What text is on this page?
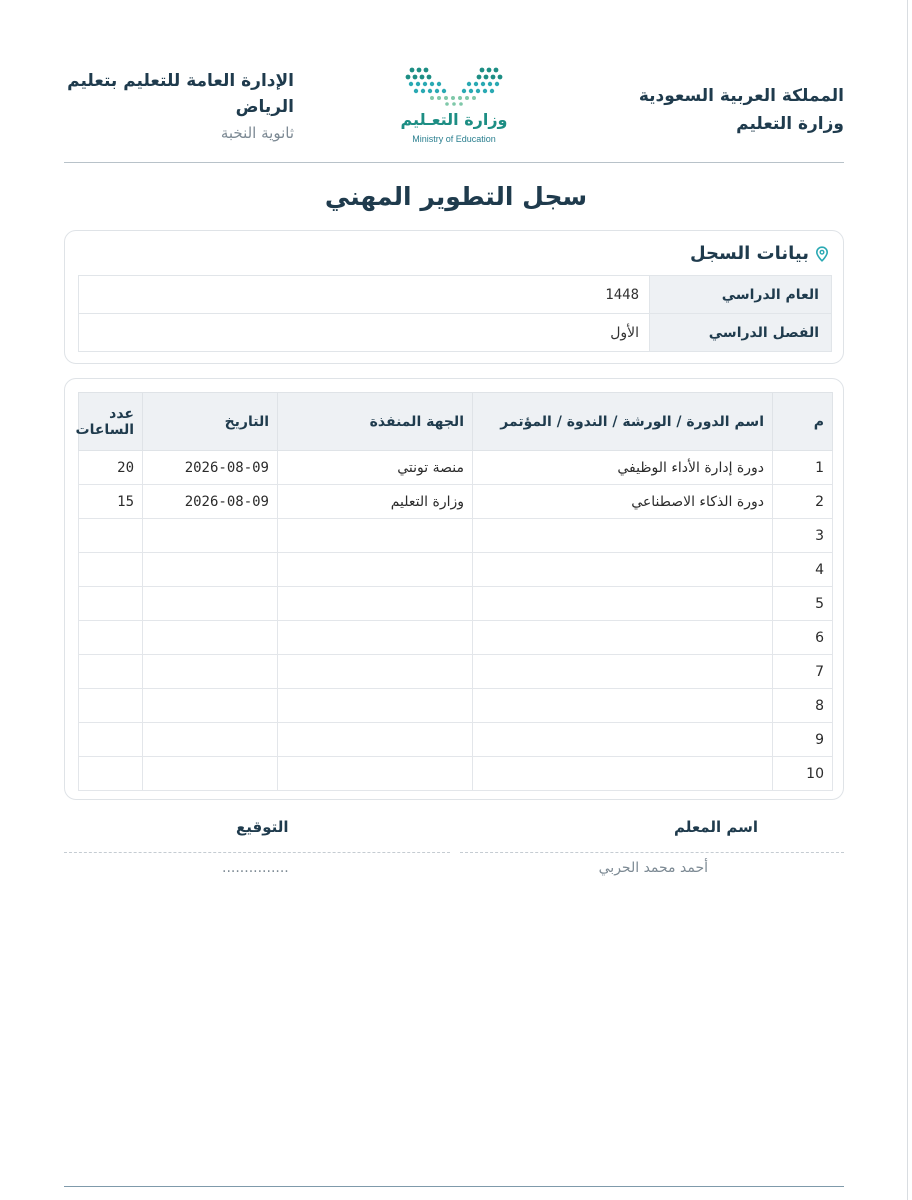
المملكة العربية السعودية
وزارة التعليم
وزارة التعـليم
Ministry of Education
الإدارة العامة للتعليم بتعليم
الرياض
ثانوية النخبة
سجل التطوير المهني
بيانات السجل
العام الدراسي	1448
الفصل الدراسي	الأول
م	اسم الدورة / الورشة / الندوة / المؤتمر	الجهة المنفذة	التاريخ	عدد الساعات
1	دورة إدارة الأداء الوظيفي	منصة تونتي	2026-08-09	20
2	دورة الذكاء الاصطناعي	وزارة التعليم	2026-08-09	15
3				
4				
5				
6				
7				
8				
9				
10				
اسم المعلم
التوقيع
أحمد محمد الحربي
...............
